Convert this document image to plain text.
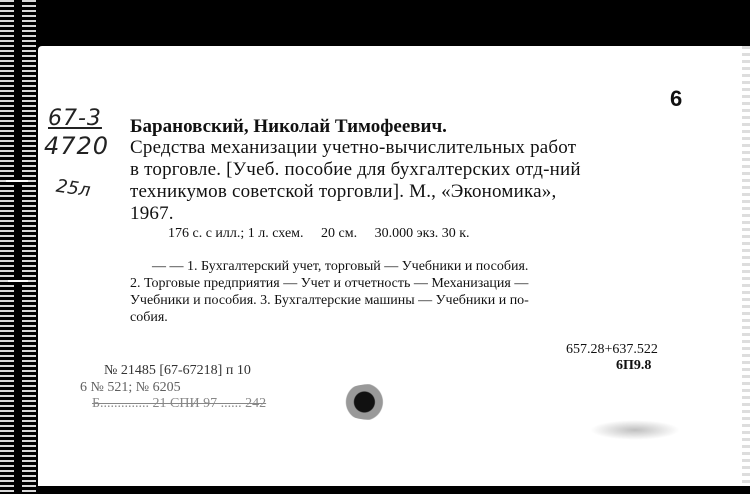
6
67-3
4720
25л
Барановский, Николай Тимофеевич.
Средства механизации учетно-вычислительных работ
в торговле. [Учеб. пособие для бухгалтерских отд-ний
техникумов советской торговли]. М., «Экономика»,
1967.
176 с. с илл.; 1 л. схем.     20 см.     30.000 экз. 30 к.
— — 1. Бухгалтерский учет, торговый — Учебники и пособия.
2. Торговые предприятия — Учет и отчетность — Механизация —
Учебники и пособия. 3. Бухгалтерские машины — Учебники и по-
собия.
657.28+637.522
6П9.8
№ 21485 [67-67218] п 10
6 № 521; № 6205
Б.............. 21 СПИ 97 ...... 242
